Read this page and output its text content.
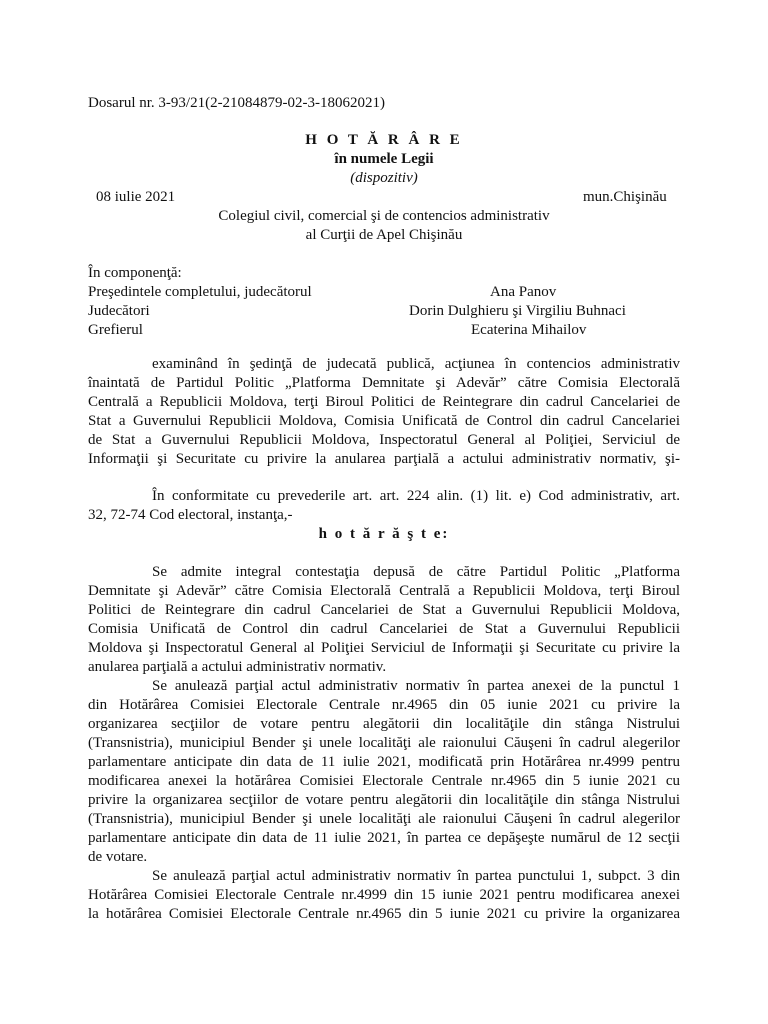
Dosarul nr. 3-93/21(2-21084879-02-3-18062021)
H O T Ă R Â R E
în numele Legii
(dispozitiv)
08 iulie 2021	mun.Chişinău
Colegiul civil, comercial şi de contencios administrativ
al Curţii de Apel Chişinău
În componenţă:
Preşedintele completului, judecătorul	Ana Panov
Judecători	Dorin Dulghieru şi Virgiliu Buhnaci
Grefierul	Ecaterina Mihailov
examinând în şedinţă de judecată publică, acţiunea în contencios administrativ
înaintată de Partidul Politic „Platforma Demnitate şi Adevăr” către Comisia Electorală
Centrală a Republicii Moldova, terţi Biroul Politici de Reintegrare din cadrul Cancelariei de
Stat a Guvernului Republicii Moldova, Comisia Unificată de Control din cadrul Cancelariei
de Stat a Guvernului Republicii Moldova, Inspectoratul General al Poliţiei, Serviciul de
Informaţii şi Securitate cu privire la anularea parţială a actului administrativ normativ, şi-
În conformitate cu prevederile art. art. 224 alin. (1) lit. e) Cod administrativ, art.
32, 72-74 Cod electoral, instanţa,-
h o t ă r ă ş t e:
Se admite integral contestaţia depusă de către Partidul Politic „Platforma
Demnitate şi Adevăr” către Comisia Electorală Centrală a Republicii Moldova, terţi Biroul
Politici de Reintegrare din cadrul Cancelariei de Stat a Guvernului Republicii Moldova,
Comisia Unificată de Control din cadrul Cancelariei de Stat a Guvernului Republicii
Moldova şi Inspectoratul General al Poliţiei Serviciul de Informaţii şi Securitate cu privire la
anularea parţială a actului administrativ normativ.
Se anulează parţial actul administrativ normativ în partea anexei de la punctul 1
din Hotărârea Comisiei Electorale Centrale nr.4965 din 05 iunie 2021 cu privire la
organizarea secţiilor de votare pentru alegătorii din localităţile din stânga Nistrului
(Transnistria), municipiul Bender şi unele localităţi ale raionului Căuşeni în cadrul alegerilor
parlamentare anticipate din data de 11 iulie 2021, modificată prin Hotărârea nr.4999 pentru
modificarea anexei la hotărârea Comisiei Electorale Centrale nr.4965 din 5 iunie 2021 cu
privire la organizarea secţiilor de votare pentru alegătorii din localităţile din stânga Nistrului
(Transnistria), municipiul Bender şi unele localităţi ale raionului Căuşeni în cadrul alegerilor
parlamentare anticipate din data de 11 iulie 2021, în partea ce depăşeşte numărul de 12 secţii
de votare.
Se anulează parţial actul administrativ normativ în partea punctului 1, subpct. 3 din
Hotărârea Comisiei Electorale Centrale nr.4999 din 15 iunie 2021 pentru modificarea anexei
la hotărârea Comisiei Electorale Centrale nr.4965 din 5 iunie 2021 cu privire la organizarea
